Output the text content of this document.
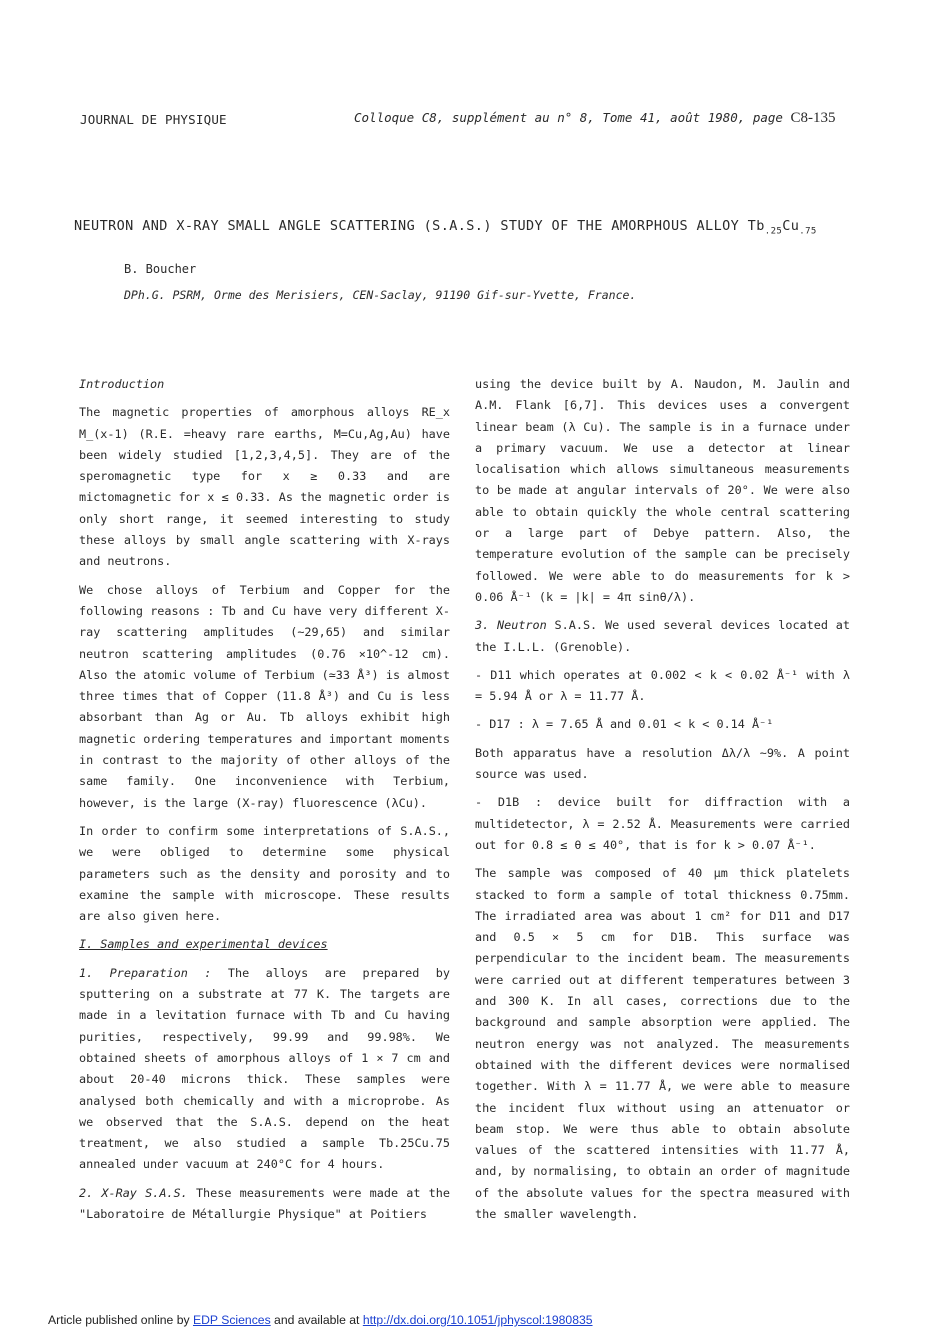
JOURNAL DE PHYSIQUE	Colloque C8, supplément au n° 8, Tome 41, août 1980, page C8-135
NEUTRON AND X-RAY SMALL ANGLE SCATTERING (S.A.S.) STUDY OF THE AMORPHOUS ALLOY $Tb_{.25}Cu_{.75}$
B. Boucher
DPh.G. PSRM, Orme des Merisiers, CEN-Saclay, 91190 Gif-sur-Yvette, France.

Introduction

The magnetic properties of amorphous alloys RE_x M_(x-1) (R.E. =heavy rare earths, M=Cu,Ag,Au) have been widely studied [1,2,3,4,5]. They are of the speromagnetic type for x ≥ 0.33 and are mictomagnetic for x ≤ 0.33. As the magnetic order is only short range, it seemed interesting to study these alloys by small angle scattering with X-rays and neutrons.

We chose alloys of Terbium and Copper for the following reasons : Tb and Cu have very different X-ray scattering amplitudes (~29,65) and similar neutron scattering amplitudes (0.76 ×10^-12 cm). Also the atomic volume of Terbium (≃33 Å³) is almost three times that of Copper (11.8 Å³) and Cu is less absorbant than Ag or Au. Tb alloys exhibit high magnetic ordering temperatures and important moments in contrast to the majority of other alloys of the same family. One inconvenience with Terbium, however, is the large (X-ray) fluorescence (λCu).

In order to confirm some interpretations of S.A.S., we were obliged to determine some physical parameters such as the density and porosity and to examine the sample with microscope. These results are also given here.

I. Samples and experimental devices

1. Preparation : The alloys are prepared by sputtering on a substrate at 77 K. The targets are made in a levitation furnace with Tb and Cu having purities, respectively, 99.99 and 99.98%. We obtained sheets of amorphous alloys of 1 × 7 cm and about 20-40 microns thick. These samples were analysed both chemically and with a microprobe. As we observed that the S.A.S. depend on the heat treatment, we also studied a sample Tb.25Cu.75 annealed under vacuum at 240°C for 4 hours.

2. X-Ray S.A.S. These measurements were made at the "Laboratoire de Métallurgie Physique" at Poitiers

using the device built by A. Naudon, M. Jaulin and A.M. Flank [6,7]. This devices uses a convergent linear beam (λ Cu). The sample is in a furnace under a primary vacuum. We use a detector at linear localisation which allows simultaneous measurements to be made at angular intervals of 20°. We were also able to obtain quickly the whole central scattering or a large part of Debye pattern. Also, the temperature evolution of the sample can be precisely followed. We were able to do measurements for k > 0.06 Å⁻¹ (k = |k| = 4π sinθ/λ).

3. Neutron S.A.S. We used several devices located at the I.L.L. (Grenoble).

- D11 which operates at 0.002 < k < 0.02 Å⁻¹ with λ = 5.94 Å or λ = 11.77 Å.

- D17 : λ = 7.65 Å and 0.01 < k < 0.14 Å⁻¹

Both apparatus have a resolution Δλ/λ ~9%. A point source was used.

- D1B : device built for diffraction with a multidetector, λ = 2.52 Å. Measurements were carried out for 0.8 ≤ θ ≤ 40°, that is for k > 0.07 Å⁻¹.

The sample was composed of 40 µm thick platelets stacked to form a sample of total thickness 0.75mm. The irradiated area was about 1 cm² for D11 and D17 and 0.5 × 5 cm for D1B. This surface was perpendicular to the incident beam. The measurements were carried out at different temperatures between 3 and 300 K. In all cases, corrections due to the background and sample absorption were applied. The neutron energy was not analyzed. The measurements obtained with the different devices were normalised together. With λ = 11.77 Å, we were able to measure the incident flux without using an attenuator or beam stop. We were thus able to obtain absolute values of the scattered intensities with 11.77 Å, and, by normalising, to obtain an order of magnitude of the absolute values for the spectra measured with the smaller wavelength.

Article published online by EDP Sciences and available at http://dx.doi.org/10.1051/jphyscol:1980835
